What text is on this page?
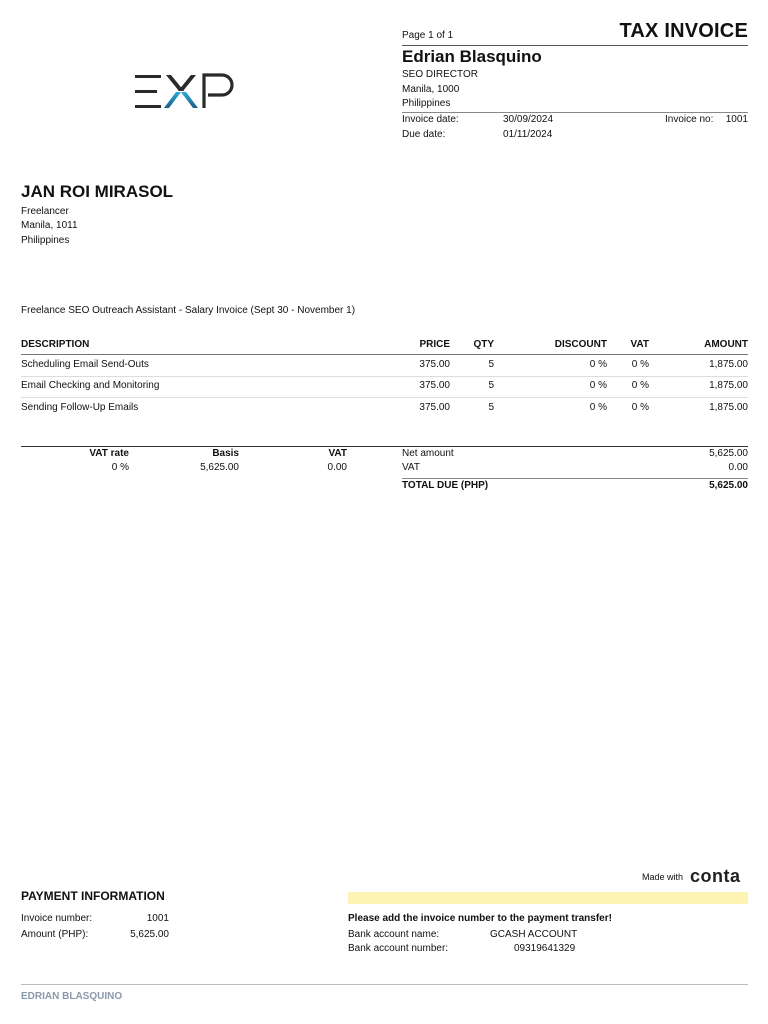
Page 1 of 1	TAX INVOICE
Edrian Blasquino
SEO DIRECTOR
Manila, 1000
Philippines
Invoice date:	30/09/2024	Invoice no: 1001
Due date:	01/11/2024
JAN ROI MIRASOL
Freelancer
Manila, 1011
Philippines
Freelance SEO Outreach Assistant - Salary Invoice (Sept 30 - November 1)
DESCRIPTION	PRICE QTY	DISCOUNT VAT	AMOUNT
Scheduling Email Send-Outs	375.00	5	0 % 0 %	1,875.00
Email Checking and Monitoring	375.00	5	0 % 0 %	1,875.00
Sending Follow-Up Emails	375.00	5	0 % 0 %	1,875.00
VAT rate	Basis	VAT
0 %	5,625.00	0.00
Net amount	5,625.00
VAT	0.00
TOTAL DUE (PHP)	5,625.00
Made with conta
PAYMENT INFORMATION
Invoice number:	1001
Amount (PHP):	5,625.00
Please add the invoice number to the payment transfer!
Bank account name:	GCASH ACCOUNT
Bank account number:	09319641329
EDRIAN BLASQUINO
